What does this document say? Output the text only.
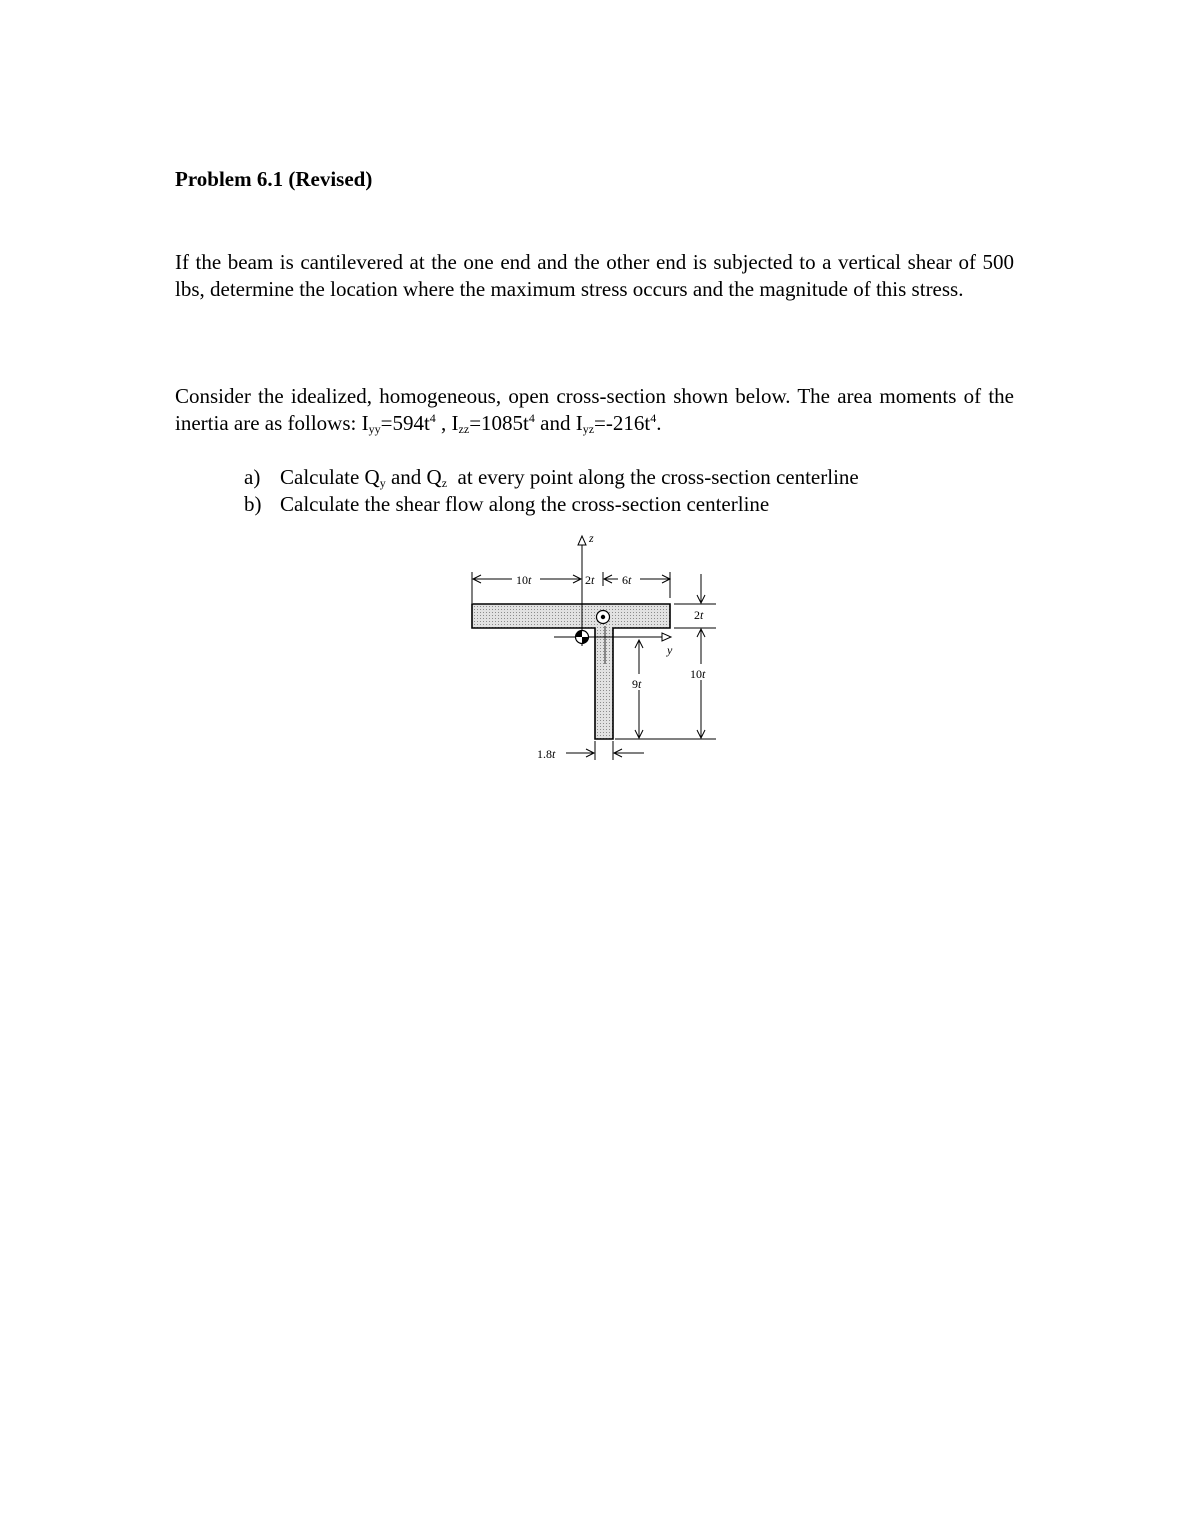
Problem 6.1 (Revised)
If the beam is cantilevered at the one end and the other end is subjected to a vertical shear of 500 lbs, determine the location where the maximum stress occurs and the magnitude of this stress.
Consider the idealized, homogeneous, open cross-section shown below. The area moments of the inertia are as follows: $I_{yy}=594t^4$ , $I_{zz}=1085t^4$ and $I_{yz}=-216t^4$.
a) Calculate $Q_y$ and $Q_z$  at every point along the cross-section centerline
b) Calculate the shear flow along the cross-section centerline
z
y
10t	2t 6t
2t
10t
9t
1.8t
